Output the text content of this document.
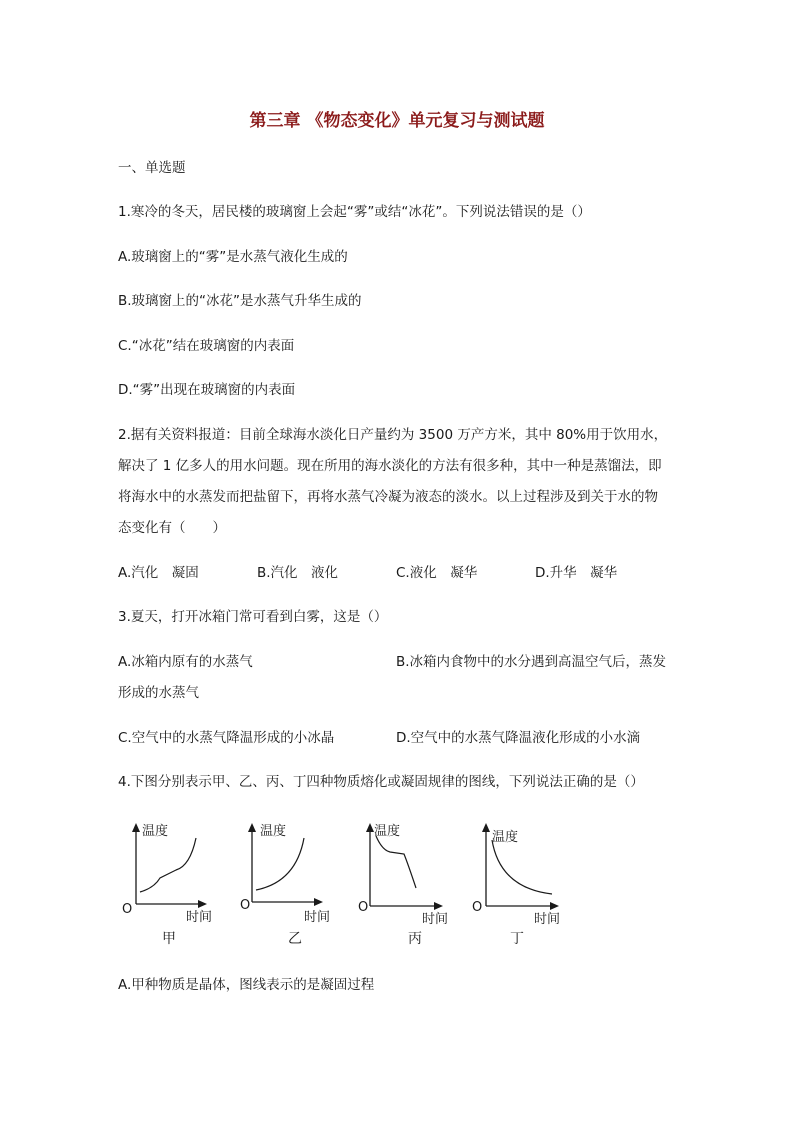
第三章 《物态变化》单元复习与测试题
一、单选题
1.寒冷的冬天，居民楼的玻璃窗上会起“雾”或结“冰花”。下列说法错误的是（）
A.玻璃窗上的“雾”是水蒸气液化生成的
B.玻璃窗上的“冰花”是水蒸气升华生成的
C.“冰花”结在玻璃窗的内表面
D.“雾”出现在玻璃窗的内表面
2.据有关资料报道：目前全球海水淡化日产量约为 3500 万产方米，其中 80%用于饮用水，
解决了 1 亿多人的用水问题。现在所用的海水淡化的方法有很多种，其中一种是蒸馏法，即
将海水中的水蒸发而把盐留下，再将水蒸气冷凝为液态的淡水。以上过程涉及到关于水的物
态变化有（　　）
A.汽化　凝固	B.汽化　液化	C.液化　凝华	D.升华　凝华
3.夏天，打开冰箱门常可看到白雾，这是（）
A.冰箱内原有的水蒸气	B.冰箱内食物中的水分遇到高温空气后，蒸发
形成的水蒸气
C.空气中的水蒸气降温形成的小冰晶	D.空气中的水蒸气降温液化形成的小水滴
4.下图分别表示甲、乙、丙、丁四种物质熔化或凝固规律的图线，下列说法正确的是（）
温度
O
时间
甲
温度
O
时间
乙
温度
O
时间
丙
温度
O
时间
丁
A.甲种物质是晶体，图线表示的是凝固过程
